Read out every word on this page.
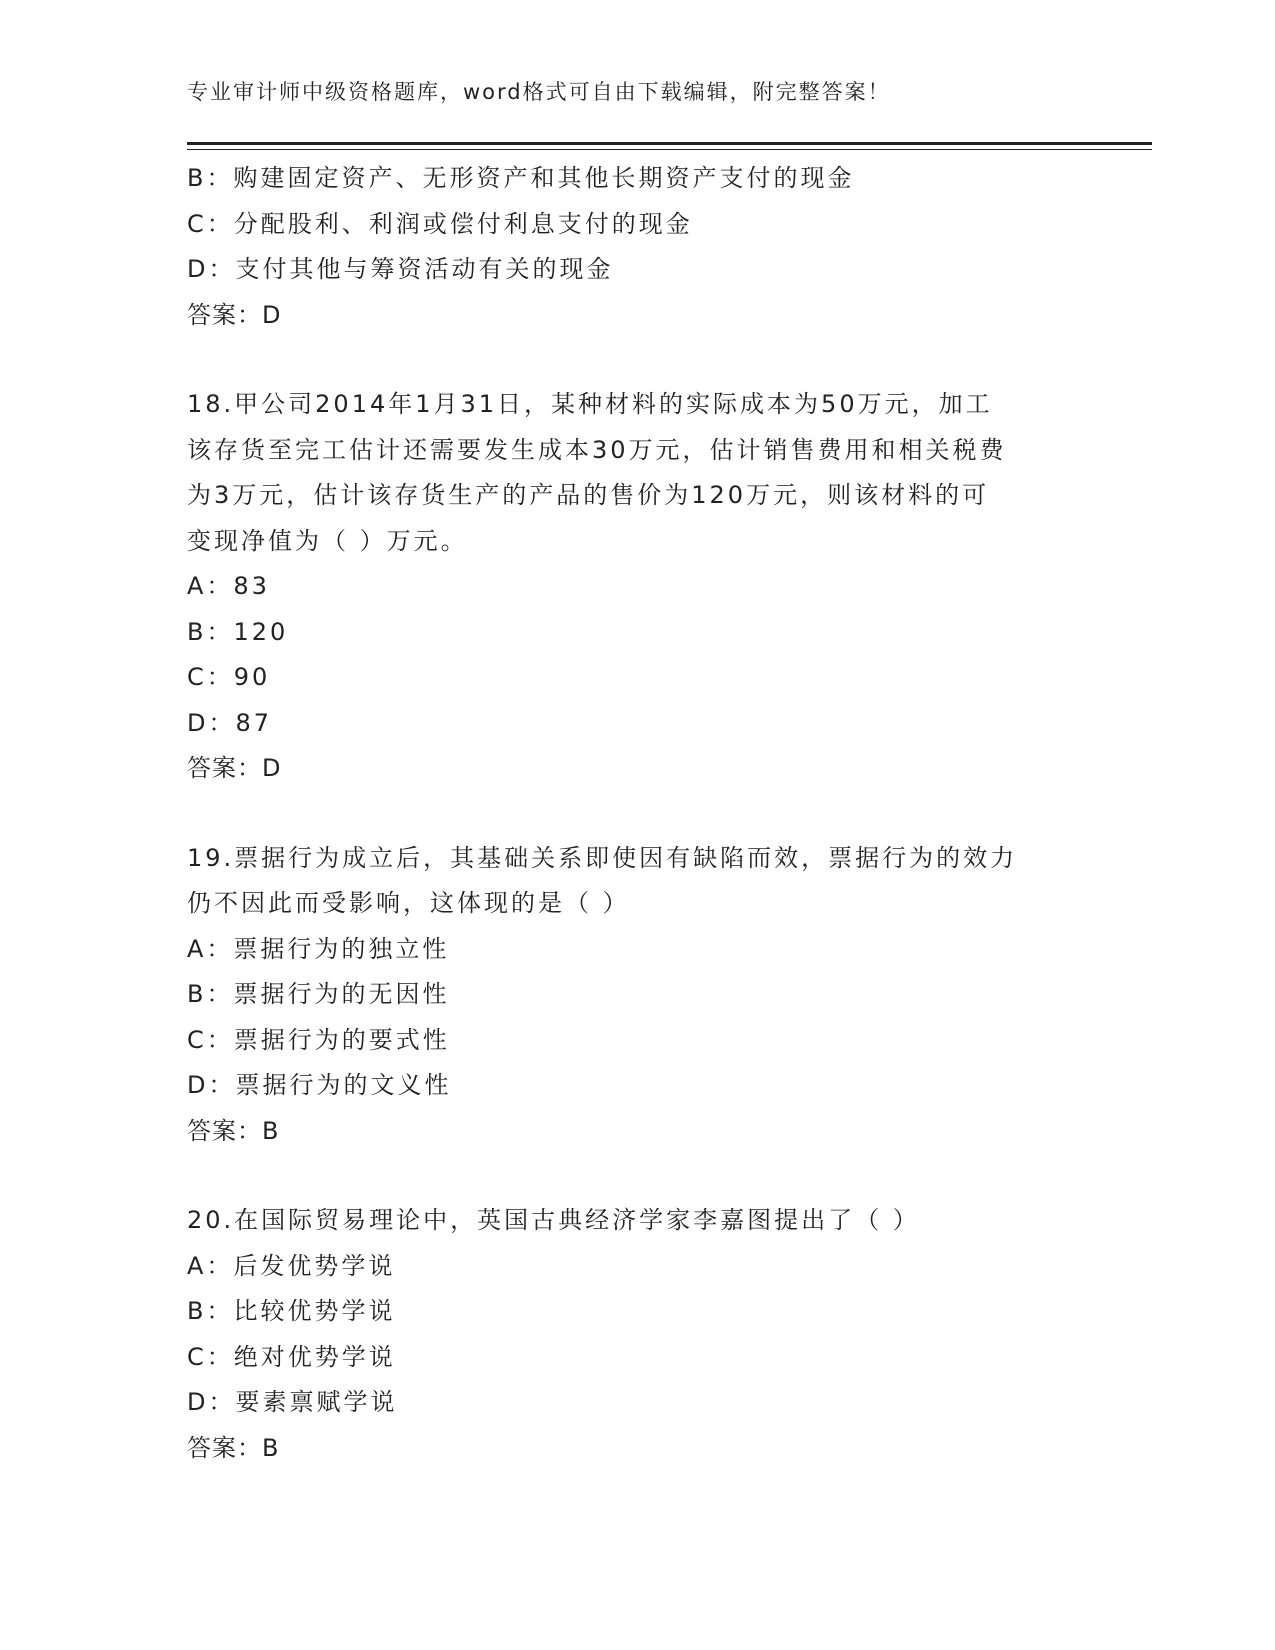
专业审计师中级资格题库，word格式可自由下载编辑，附完整答案！
B：购建固定资产、无形资产和其他长期资产支付的现金
C：分配股利、利润或偿付利息支付的现金
D：支付其他与筹资活动有关的现金
答案：D
18.甲公司2014年1月31日，某种材料的实际成本为50万元，加工
该存货至完工估计还需要发生成本30万元，估计销售费用和相关税费
为3万元，估计该存货生产的产品的售价为120万元，则该材料的可
变现净值为（ ）万元。
A：83
B：120
C：90
D：87
答案：D
19.票据行为成立后，其基础关系即使因有缺陷而效，票据行为的效力
仍不因此而受影响，这体现的是（ ）
A：票据行为的独立性
B：票据行为的无因性
C：票据行为的要式性
D：票据行为的文义性
答案：B
20.在国际贸易理论中，英国古典经济学家李嘉图提出了（ ）
A：后发优势学说
B：比较优势学说
C：绝对优势学说
D：要素禀赋学说
答案：B
